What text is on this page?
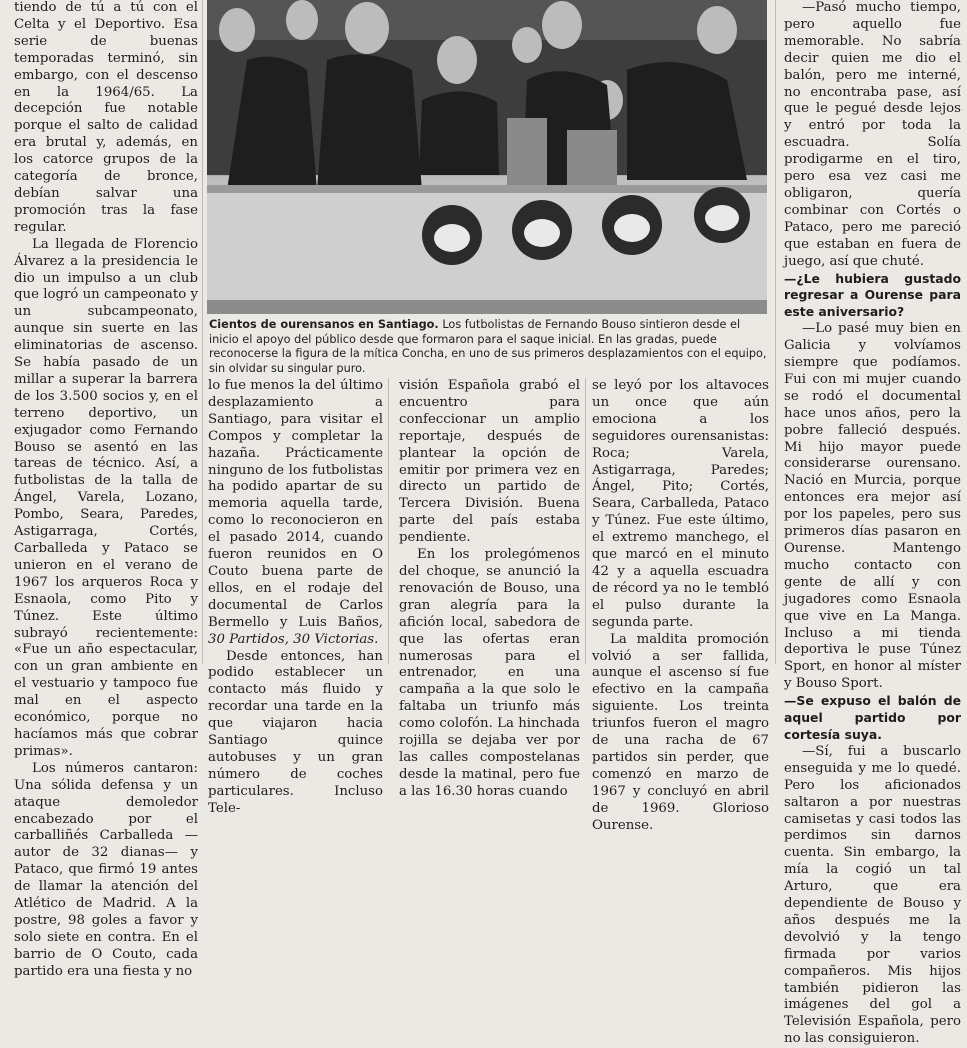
tiendo de tú a tú con el Celta y el Deportivo. Esa serie de buenas temporadas terminó, sin embargo, con el descenso en la 1964/65. La decepción fue notable porque el salto de calidad era brutal y, además, en los catorce grupos de la categoría de bronce, debían salvar una promoción tras la fase regular.

La llegada de Florencio Álvarez a la presidencia le dio un impulso a un club que logró un campeonato y un subcampeonato, aunque sin suerte en las eliminatorias de ascenso. Se había pasado de un millar a superar la barrera de los 3.500 socios y, en el terreno deportivo, un exjugador como Fernando Bouso se asentó en las tareas de técnico. Así, a futbolistas de la talla de Ángel, Varela, Lozano, Pombo, Seara, Paredes, Astigarraga, Cortés, Carballeda y Pataco se unieron en el verano de 1967 los arqueros Roca y Esnaola, como Pito y Túnez. Este último subrayó recientemente: «Fue un año espectacular, con un gran ambiente en el vestuario y tampoco fue mal en el aspecto económico, porque no hacíamos más que cobrar primas».

Los números cantaron: Una sólida defensa y un ataque demoledor encabezado por el carballiñés Carballeda —autor de 32 dianas— y Pataco, que firmó 19 antes de llamar la atención del Atlético de Madrid. A la postre, 98 goles a favor y solo siete en contra. En el barrio de O Couto, cada partido era una fiesta y no

Cientos de ourensanos en Santiago. Los futbolistas de Fernando Bouso sintieron desde el inicio el apoyo del público desde que formaron para el saque inicial. En las gradas, puede reconocerse la figura de la mítica Concha, en uno de sus primeros desplazamientos con el equipo, sin olvidar su singular puro.

lo fue menos la del último desplazamiento a Santiago, para visitar el Compos y completar la hazaña. Prácticamente ninguno de los futbolistas ha podido apartar de su memoria aquella tarde, como lo reconocieron en el pasado 2014, cuando fueron reunidos en O Couto buena parte de ellos, en el rodaje del documental de Carlos Bermello y Luis Baños, 30 Partidos, 30 Victorias.

Desde entonces, han podido establecer un contacto más fluido y recordar una tarde en la que viajaron hacia Santiago quince autobuses y un gran número de coches particulares. Incluso Tele-

visión Española grabó el encuentro para confeccionar un amplio reportaje, después de plantear la opción de emitir por primera vez en directo un partido de Tercera División. Buena parte del país estaba pendiente.

En los prolegómenos del choque, se anunció la renovación de Bouso, una gran alegría para la afición local, sabedora de que las ofertas eran numerosas para el entrenador, en una campaña a la que solo le faltaba un triunfo más como colofón. La hinchada rojilla se dejaba ver por las calles compostelanas desde la matinal, pero fue a las 16.30 horas cuando

se leyó por los altavoces un once que aún emociona a los seguidores ourensanistas: Roca; Varela, Astigarraga, Paredes; Ángel, Pito; Cortés, Seara, Carballeda, Pataco y Túnez. Fue este último, el extremo manchego, el que marcó en el minuto 42 y a aquella escuadra de récord ya no le tembló el pulso durante la segunda parte.

La maldita promoción volvió a ser fallida, aunque el ascenso sí fue efectivo en la campaña siguiente. Los treinta triunfos fueron el magro de una racha de 67 partidos sin perder, que comenzó en marzo de 1967 y concluyó en abril de 1969. Glorioso Ourense.

—Pasó mucho tiempo, pero aquello fue memorable. No sabría decir quien me dio el balón, pero me interné, no encontraba pase, así que le pegué desde lejos y entró por toda la escuadra. Solía prodigarme en el tiro, pero esa vez casi me obligaron, quería combinar con Cortés o Pataco, pero me pareció que estaban en fuera de juego, así que chuté.

—¿Le hubiera gustado regresar a Ourense para este aniversario?

—Lo pasé muy bien en Galicia y volvíamos siempre que podíamos. Fui con mi mujer cuando se rodó el documental hace unos años, pero la pobre falleció después. Mi hijo mayor puede considerarse ourensano. Nació en Murcia, porque entonces era mejor así por los papeles, pero sus primeros días pasaron en Ourense. Mantengo mucho contacto con gente de allí y con jugadores como Esnaola que vive en La Manga. Incluso a mi tienda deportiva le puse Túnez Sport, en honor al míster y Bouso Sport.

—Se expuso el balón de aquel partido por cortesía suya.

—Sí, fui a buscarlo enseguida y me lo quedé. Pero los aficionados saltaron a por nuestras camisetas y casi todos las perdimos sin darnos cuenta. Sin embargo, la mía la cogió un tal Arturo, que era dependiente de Bouso y años después me la devolvió y la tengo firmada por varios compañeros. Mis hijos también pidieron las imágenes del gol a Televisión Española, pero no las consiguieron.
